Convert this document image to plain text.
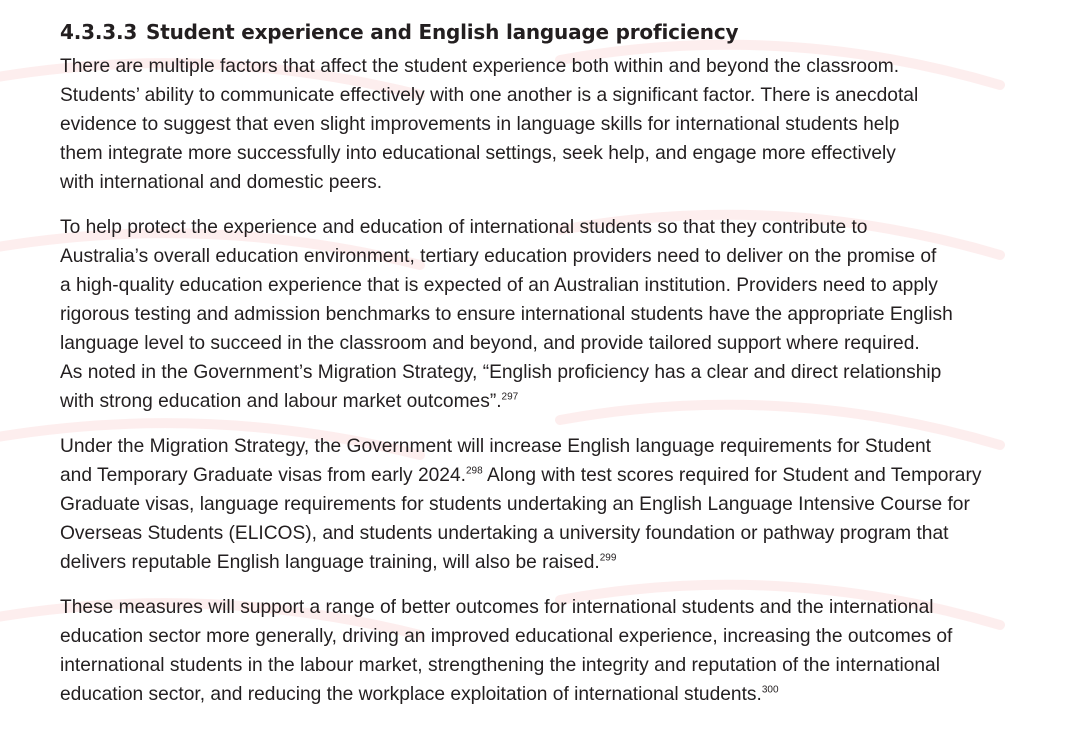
4.3.3.3 Student experience and English language proficiency

There are multiple factors that affect the student experience both within and beyond the classroom.
Students’ ability to communicate effectively with one another is a significant factor. There is anecdotal
evidence to suggest that even slight improvements in language skills for international students help
them integrate more successfully into educational settings, seek help, and engage more effectively
with international and domestic peers.

To help protect the experience and education of international students so that they contribute to
Australia’s overall education environment, tertiary education providers need to deliver on the promise of
a high-quality education experience that is expected of an Australian institution. Providers need to apply
rigorous testing and admission benchmarks to ensure international students have the appropriate English
language level to succeed in the classroom and beyond, and provide tailored support where required.
As noted in the Government’s Migration Strategy, “English proficiency has a clear and direct relationship
with strong education and labour market outcomes”.$^{297}$

Under the Migration Strategy, the Government will increase English language requirements for Student
and Temporary Graduate visas from early 2024.$^{298}$ Along with test scores required for Student and Temporary
Graduate visas, language requirements for students undertaking an English Language Intensive Course for
Overseas Students (ELICOS), and students undertaking a university foundation or pathway program that
delivers reputable English language training, will also be raised.$^{299}$

These measures will support a range of better outcomes for international students and the international
education sector more generally, driving an improved educational experience, increasing the outcomes of
international students in the labour market, strengthening the integrity and reputation of the international
education sector, and reducing the workplace exploitation of international students.$^{300}$
